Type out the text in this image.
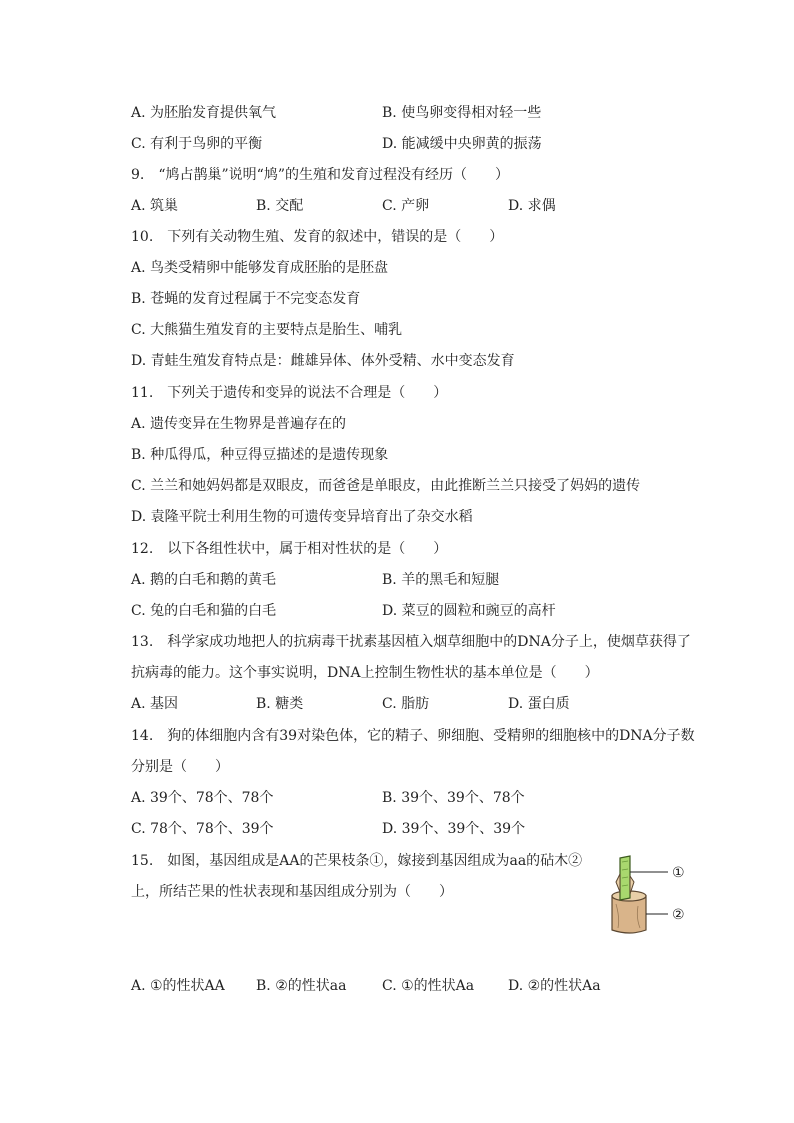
A. 为胚胎发育提供氧气	B. 使鸟卵变得相对轻一些
C. 有利于鸟卵的平衡	D. 能减缓中央卵黄的振荡
9.　“鸠占鹊巢”说明“鸠”的生殖和发育过程没有经历（　　）
A. 筑巢	B. 交配	C. 产卵	D. 求偶
10.　下列有关动物生殖、发育的叙述中，错误的是（　　）
A. 鸟类受精卵中能够发育成胚胎的是胚盘
B. 苍蝇的发育过程属于不完变态发育
C. 大熊猫生殖发育的主要特点是胎生、哺乳
D. 青蛙生殖发育特点是：雌雄异体、体外受精、水中变态发育
11.　下列关于遗传和变异的说法不合理是（　　）
A. 遗传变异在生物界是普遍存在的
B. 种瓜得瓜，种豆得豆描述的是遗传现象
C. 兰兰和她妈妈都是双眼皮，而爸爸是单眼皮，由此推断兰兰只接受了妈妈的遗传
D. 袁隆平院士利用生物的可遗传变异培育出了杂交水稻
12.　以下各组性状中，属于相对性状的是（　　）
A. 鹅的白毛和鹅的黄毛	B. 羊的黑毛和短腿
C. 兔的白毛和猫的白毛	D. 菜豆的圆粒和豌豆的高杆
13.　科学家成功地把人的抗病毒干扰素基因植入烟草细胞中的DNA分子上，使烟草获得了
抗病毒的能力。这个事实说明，DNA上控制生物性状的基本单位是（　　）
A. 基因	B. 糖类	C. 脂肪	D. 蛋白质
14.　狗的体细胞内含有39对染色体，它的精子、卵细胞、受精卵的细胞核中的DNA分子数
分别是（　　）
A. 39个、78个、78个	B. 39个、39个、78个
C. 78个、78个、39个	D. 39个、39个、39个
15.　如图，基因组成是AA的芒果枝条①，嫁接到基因组成为aa的砧木②
上，所结芒果的性状表现和基因组成分别为（　　）
①
②
A. ①的性状AA B. ②的性状aa	C. ①的性状Aa D. ②的性状Aa
